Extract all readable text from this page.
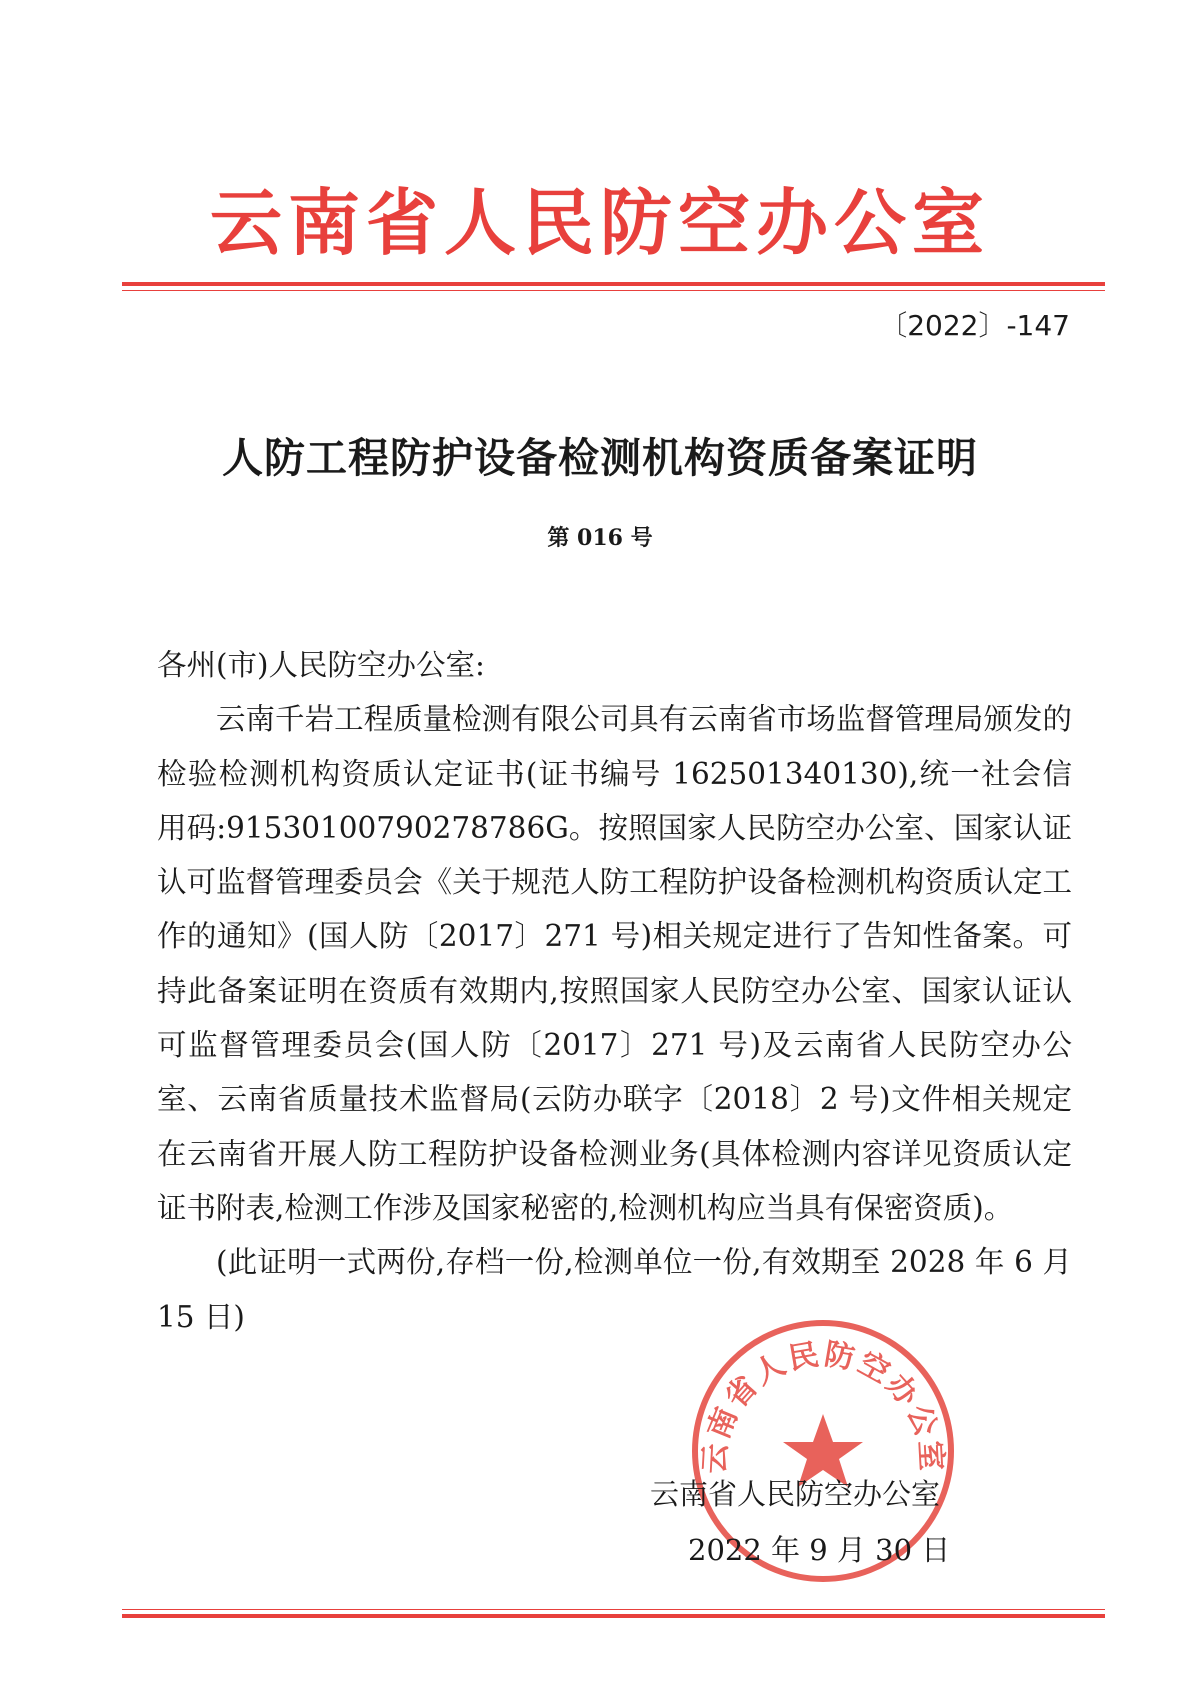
云南省人民防空办公室
〔2022〕-147
人防工程防护设备检测机构资质备案证明
第 016 号

各州(市)人民防空办公室:

云南千岩工程质量检测有限公司具有云南省市场监督管理局颁发的检验检测机构资质认定证书(证书编号 162501340130),统一社会信用码:91530100790278786G。按照国家人民防空办公室、国家认证认可监督管理委员会《关于规范人防工程防护设备检测机构资质认定工作的通知》(国人防〔2017〕271 号)相关规定进行了告知性备案。可持此备案证明在资质有效期内,按照国家人民防空办公室、国家认证认可监督管理委员会(国人防〔2017〕271 号)及云南省人民防空办公室、云南省质量技术监督局(云防办联字〔2018〕2 号)文件相关规定在云南省开展人防工程防护设备检测业务(具体检测内容详见资质认定证书附表,检测工作涉及国家秘密的,检测机构应当具有保密资质)。

(此证明一式两份,存档一份,检测单位一份,有效期至 2028 年 6 月 15 日)

云南省人民防空办公室
云南省人民防空办公室
2022 年 9 月 30 日
